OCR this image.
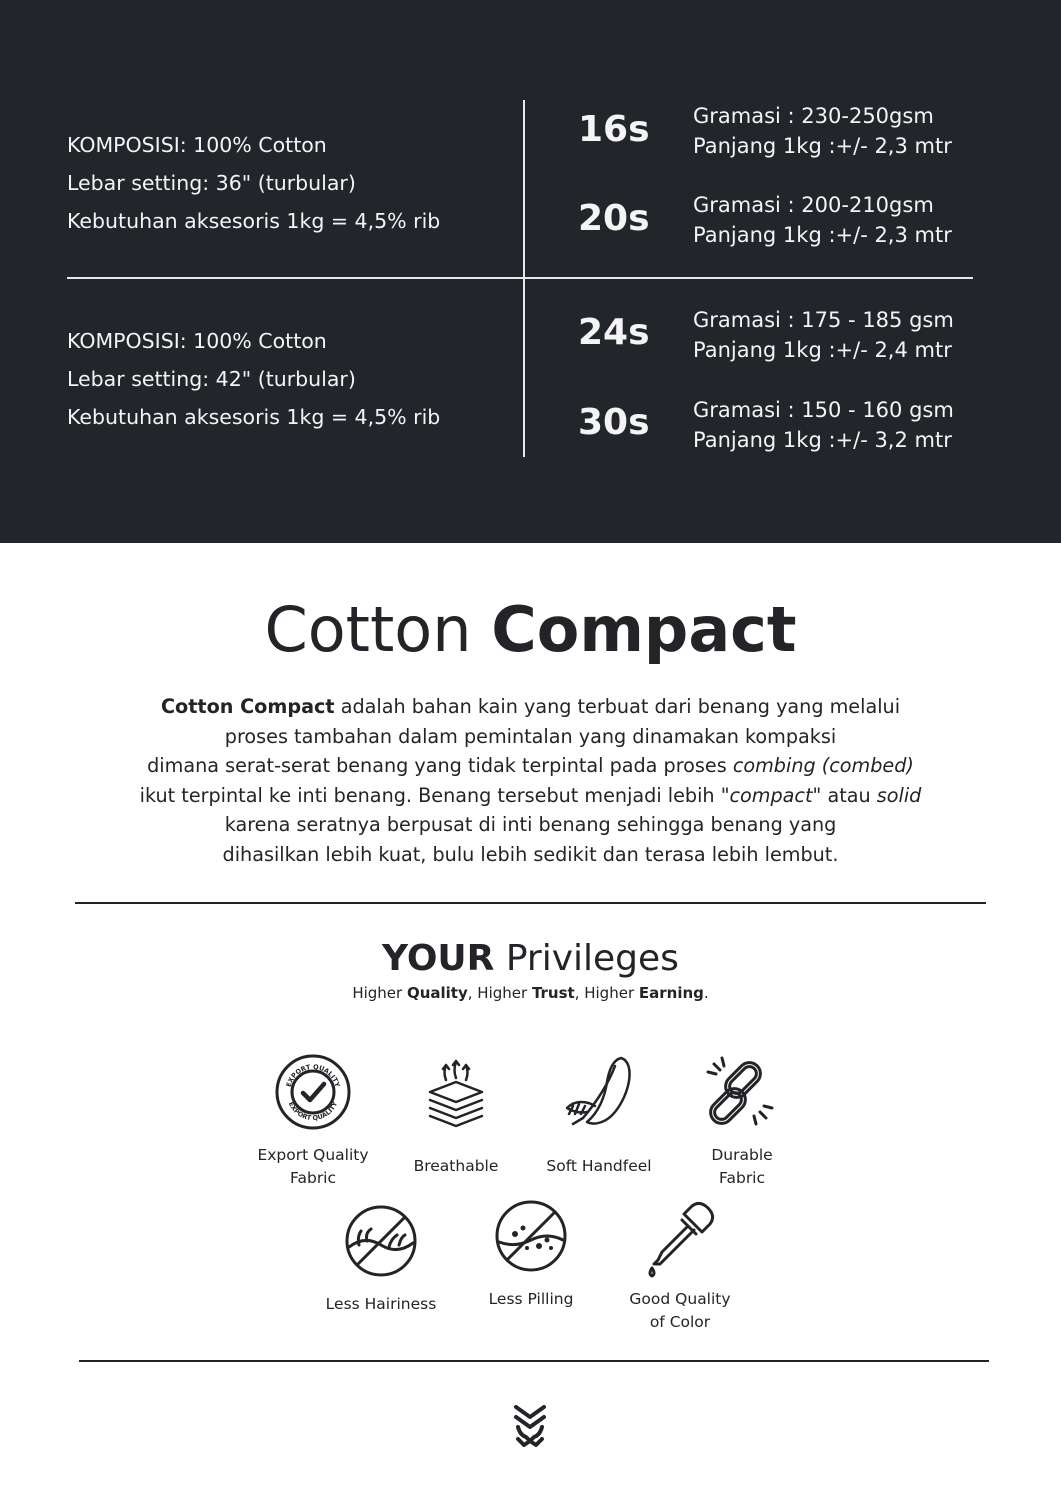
KOMPOSISI: 100% Cotton
Lebar setting: 36" (turbular)
Kebutuhan aksesoris 1kg = 4,5% rib
16s Gramasi : 230-250gsm
Panjang 1kg :+/- 2,3 mtr
20s Gramasi : 200-210gsm
Panjang 1kg :+/- 2,3 mtr
KOMPOSISI: 100% Cotton
Lebar setting: 42" (turbular)
Kebutuhan aksesoris 1kg = 4,5% rib
24s Gramasi : 175 - 185 gsm
Panjang 1kg :+/- 2,4 mtr
30s Gramasi : 150 - 160 gsm
Panjang 1kg :+/- 3,2 mtr
Cotton Compact

Cotton Compact adalah bahan kain yang terbuat dari benang yang melalui

proses tambahan dalam pemintalan yang dinamakan kompaksi

dimana serat-serat benang yang tidak terpintal pada proses combing (combed)

ikut terpintal ke inti benang. Benang tersebut menjadi lebih "compact" atau solid

karena seratnya berpusat di inti benang sehingga benang yang

dihasilkan lebih kuat, bulu lebih sedikit dan terasa lebih lembut.

YOUR Privileges
Higher Quality, Higher Trust, Higher Earning.
EXPORT QUALITY
EXPORT QUALITY
Export Quality
Fabric
Breathable	Soft Handfeel
Durable
Fabric
Less Hairiness	Less Pilling	Good Quality
of Color
